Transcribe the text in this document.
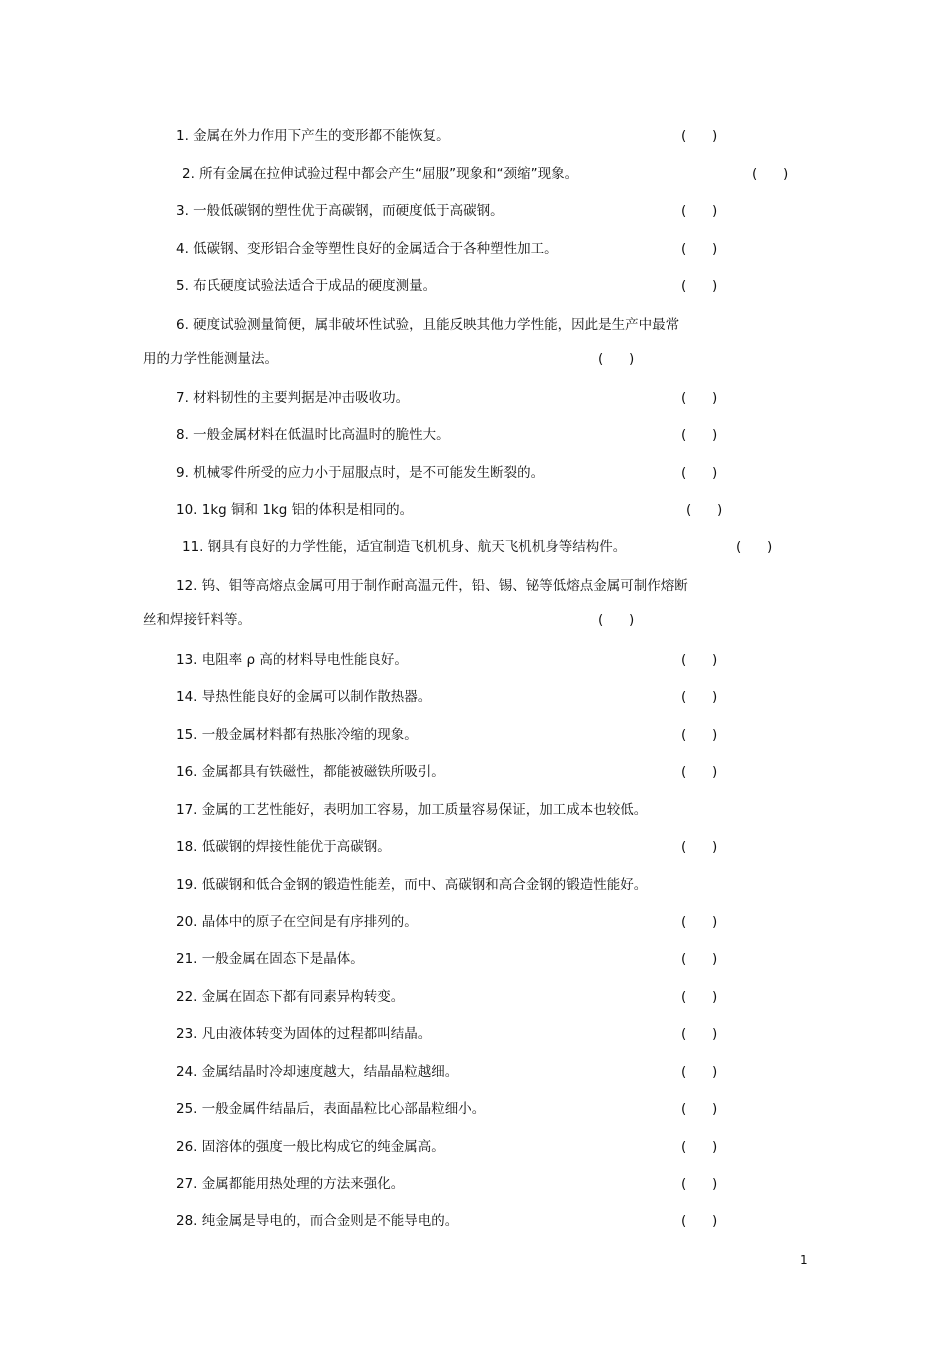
1. 金属在外力作用下产生的变形都不能恢复。	(      )
2. 所有金属在拉伸试验过程中都会产生“屈服”现象和“颈缩”现象。	(      )
3. 一般低碳钢的塑性优于高碳钢，而硬度低于高碳钢。	(      )
4. 低碳钢、变形铝合金等塑性良好的金属适合于各种塑性加工。	(      )
5. 布氏硬度试验法适合于成品的硬度测量。	(      )
6. 硬度试验测量简便，属非破坏性试验，且能反映其他力学性能，因此是生产中最常
用的力学性能测量法。	(      )
7. 材料韧性的主要判据是冲击吸收功。	(      )
8. 一般金属材料在低温时比高温时的脆性大。	(      )
9. 机械零件所受的应力小于屈服点时，是不可能发生断裂的。	(      )
10. 1kg 铜和 1kg 铝的体积是相同的。	(      )
11. 钢具有良好的力学性能，适宜制造飞机机身、航天飞机机身等结构件。	(      )
12. 钨、钼等高熔点金属可用于制作耐高温元件，铅、锡、铋等低熔点金属可制作熔断
丝和焊接钎料等。	(      )
13. 电阻率 ρ 高的材料导电性能良好。	(      )
14. 导热性能良好的金属可以制作散热器。	(      )
15. 一般金属材料都有热胀冷缩的现象。	(      )
16. 金属都具有铁磁性，都能被磁铁所吸引。	(      )
17. 金属的工艺性能好，表明加工容易，加工质量容易保证，加工成本也较低。
18. 低碳钢的焊接性能优于高碳钢。	(      )
19. 低碳钢和低合金钢的锻造性能差，而中、高碳钢和高合金钢的锻造性能好。
20. 晶体中的原子在空间是有序排列的。	(      )
21. 一般金属在固态下是晶体。	(      )
22. 金属在固态下都有同素异构转变。	(      )
23. 凡由液体转变为固体的过程都叫结晶。	(      )
24. 金属结晶时冷却速度越大，结晶晶粒越细。	(      )
25. 一般金属件结晶后，表面晶粒比心部晶粒细小。	(      )
26. 固溶体的强度一般比构成它的纯金属高。	(      )
27. 金属都能用热处理的方法来强化。	(      )
28. 纯金属是导电的，而合金则是不能导电的。	(      )
1
